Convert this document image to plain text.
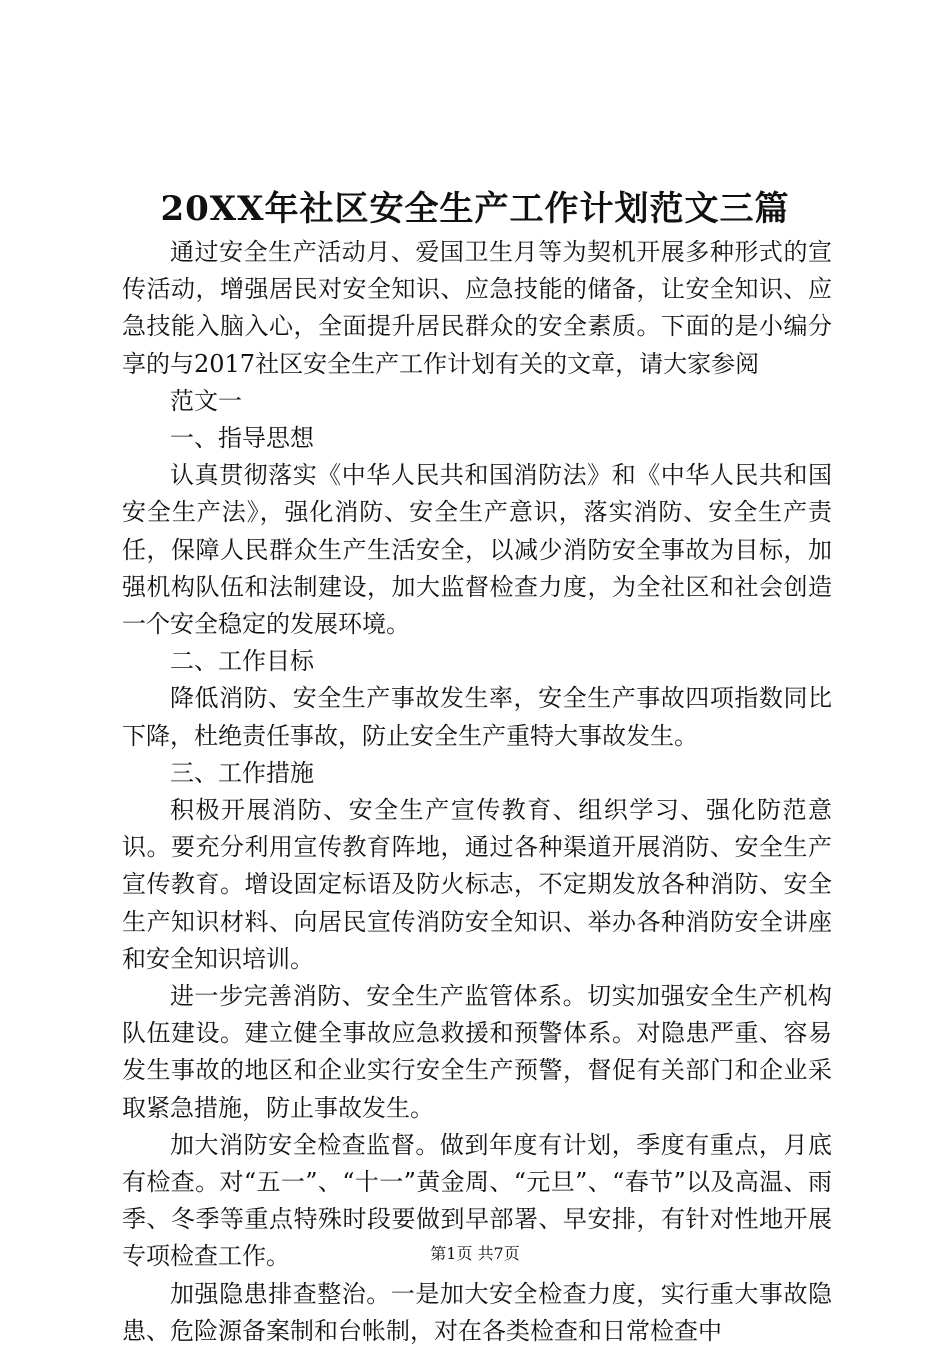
20XX年社区安全生产工作计划范文三篇

通过安全生产活动月、爱国卫生月等为契机开展多种形式的宣传活动，增强居民对安全知识、应急技能的储备，让安全知识、应急技能入脑入心，全面提升居民群众的安全素质。下面的是小编分享的与2017社区安全生产工作计划有关的文章，请大家参阅

范文一

一、指导思想

认真贯彻落实《中华人民共和国消防法》和《中华人民共和国安全生产法》，强化消防、安全生产意识，落实消防、安全生产责任，保障人民群众生产生活安全，以减少消防安全事故为目标，加强机构队伍和法制建设，加大监督检查力度，为全社区和社会创造一个安全稳定的发展环境。

二、工作目标

降低消防、安全生产事故发生率，安全生产事故四项指数同比下降，杜绝责任事故，防止安全生产重特大事故发生。

三、工作措施

积极开展消防、安全生产宣传教育、组织学习、强化防范意识。要充分利用宣传教育阵地，通过各种渠道开展消防、安全生产宣传教育。增设固定标语及防火标志，不定期发放各种消防、安全生产知识材料、向居民宣传消防安全知识、举办各种消防安全讲座和安全知识培训。

进一步完善消防、安全生产监管体系。切实加强安全生产机构队伍建设。建立健全事故应急救援和预警体系。对隐患严重、容易发生事故的地区和企业实行安全生产预警，督促有关部门和企业采取紧急措施，防止事故发生。

加大消防安全检查监督。做到年度有计划，季度有重点，月底有检查。对“五一”、“十一”黄金周、“元旦”、“春节”以及高温、雨季、冬季等重点特殊时段要做到早部署、早安排，有针对性地开展专项检查工作。

加强隐患排查整治。一是加大安全检查力度，实行重大事故隐患、危险源备案制和台帐制，对在各类检查和日常检查中

第1页 共7页
